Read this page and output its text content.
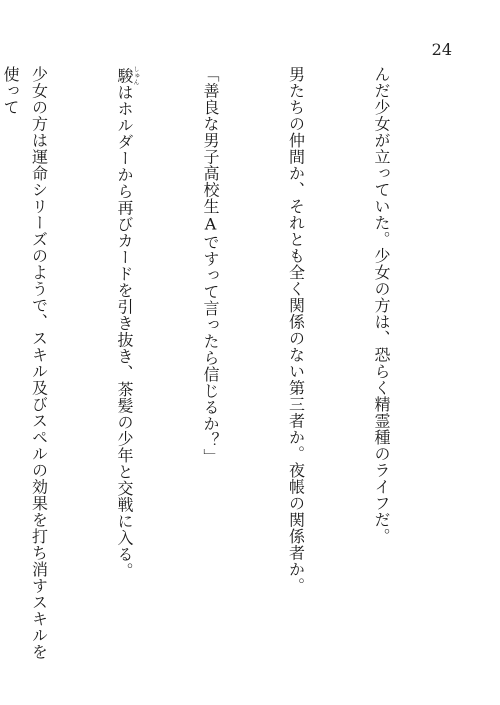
24

んだ少女が立っていた。少女の方は、恐らく精霊種のライフだ。

男たちの仲間か、それとも全く関係のない第三者か。夜帳の関係者か。

「善良な男子高校生Aですって言ったら信じるか？」

駿しゅんはホルダーから再びカードを引き抜き、茶髪の少年と交戦に入る。

少女の方は運命シリーズのようで、スキル及びスペルの効果を打ち消すスキルを使って
